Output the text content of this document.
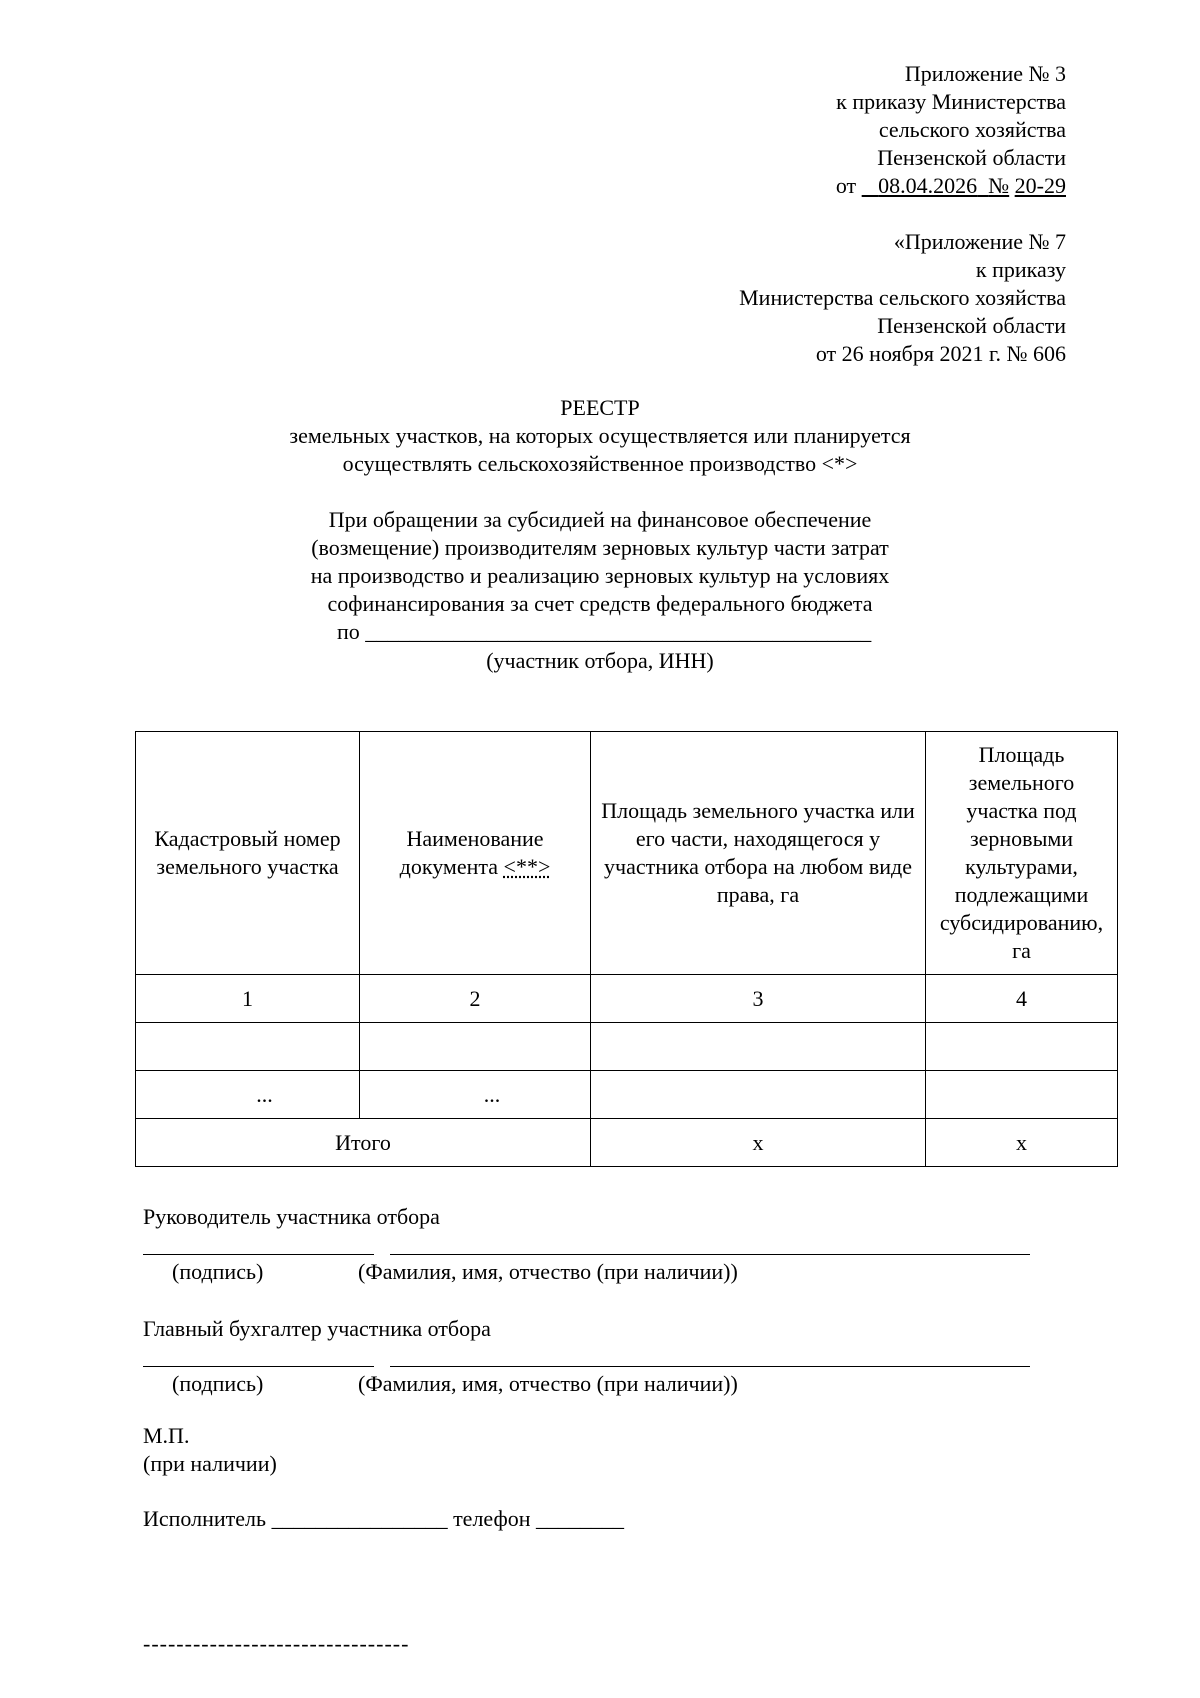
Приложение № 3
к приказу Министерства
сельского хозяйства
Пензенской области
от 08.04.2026 № 20-29
«Приложение № 7
к приказу
Министерства сельского хозяйства
Пензенской области
от 26 ноября 2021 г. № 606
РЕЕСТР
земельных участков, на которых осуществляется или планируется
осуществлять сельскохозяйственное производство <*>
При обращении за субсидией на финансовое обеспечение
(возмещение) производителям зерновых культур части затрат
на производство и реализацию зерновых культур на условиях
софинансирования за счет средств федерального бюджета
по ______________________________________________
(участник отбора, ИНН)
Кадастровый номер земельного участка	Наименование документа <**>	Площадь земельного участка или его части, находящегося у участника отбора на любом виде права, га	Площадь земельного участка под зерновыми культурами, подлежащими субсидированию, га
1	2	3	4

...	...		
Итого		x	x
Руководитель участника отбора
(подпись)	(Фамилия, имя, отчество (при наличии))
Главный бухгалтер участника отбора
(подпись)	(Фамилия, имя, отчество (при наличии))
М.П.
(при наличии)
Исполнитель ________________ телефон ________
--------------------------------
